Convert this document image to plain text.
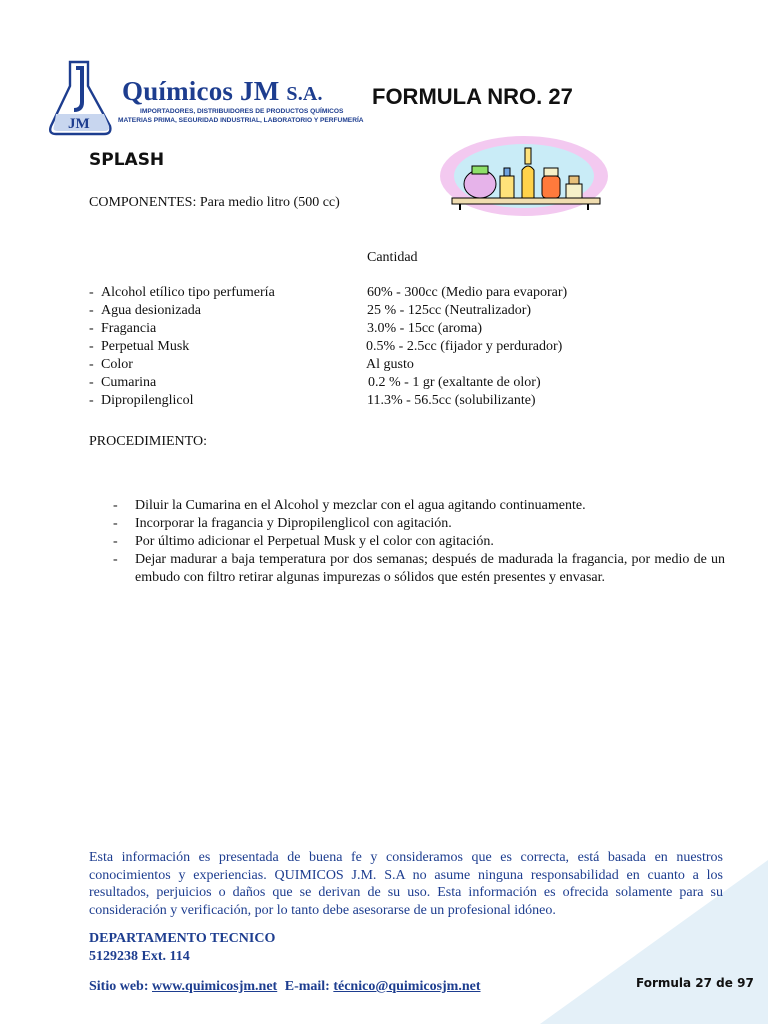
JM
Químicos JM S.A.
IMPORTADORES, DISTRIBUIDORES DE PRODUCTOS QUÍMICOS
MATERIAS PRIMA, SEGURIDAD INDUSTRIAL, LABORATORIO Y PERFUMERÍA
FORMULA NRO. 27
SPLASH
COMPONENTES: Para medio litro (500 cc)
Cantidad
- Alcohol etílico tipo perfumería	60% - 300cc (Medio para evaporar)
- Agua desionizada	25 % - 125cc (Neutralizador)
- Fragancia	3.0% - 15cc (aroma)
- Perpetual Musk	0.5% - 2.5cc (fijador y perdurador)
- Color	Al gusto
- Cumarina	0.2 % - 1 gr (exaltante de olor)
- Dipropilenglicol	11.3% - 56.5cc (solubilizante)
PROCEDIMIENTO:
- Diluir la Cumarina en el Alcohol y mezclar con el agua agitando continuamente.
- Incorporar la fragancia y Dipropilenglicol con agitación.
- Por último adicionar el Perpetual Musk y el color con agitación.
- Dejar madurar a baja temperatura por dos semanas; después de madurada la fragancia, por medio de un embudo con filtro retirar algunas impurezas o sólidos que estén presentes y envasar.
Esta información es presentada de buena fe y consideramos que es correcta, está basada en nuestros conocimientos y experiencias. QUIMICOS J.M. S.A no asume ninguna responsabilidad en cuanto a los resultados, perjuicios o daños que se derivan de su uso. Esta información es ofrecida solamente para su consideración y verificación, por lo tanto debe asesorarse de un profesional idóneo.
DEPARTAMENTO TECNICO
5129238 Ext. 114
Sitio web: www.quimicosjm.net E-mail: técnico@quimicosjm.net	Formula 27 de 97
